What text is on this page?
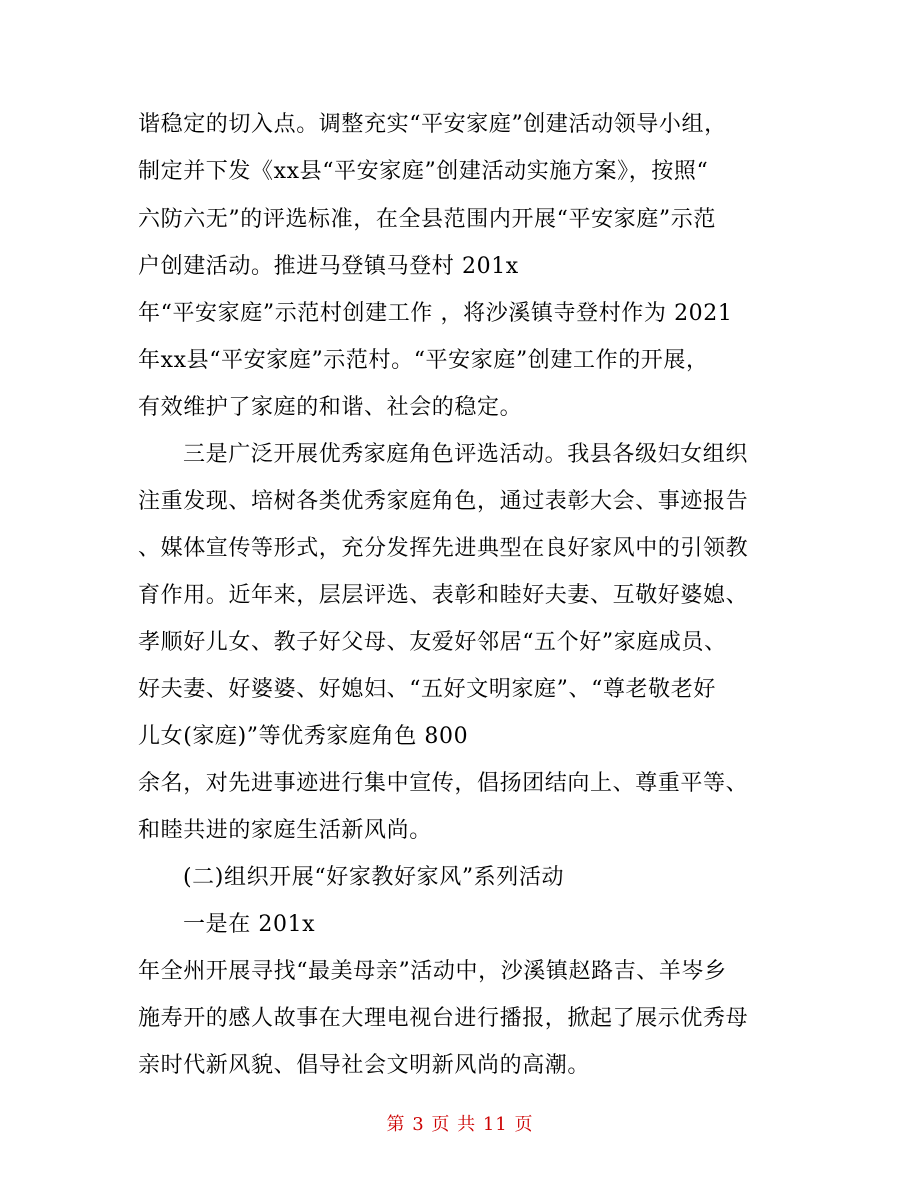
谐稳定的切入点。调整充实“平安家庭”创建活动领导小组，
制定并下发《xx县“平安家庭”创建活动实施方案》，按照“
六防六无”的评选标准，在全县范围内开展“平安家庭”示范
户创建活动。推进马登镇马登村 201x
年“平安家庭”示范村创建工作 ，将沙溪镇寺登村作为 2021
年xx县“平安家庭”示范村。“平安家庭”创建工作的开展，
有效维护了家庭的和谐、社会的稳定。
三是广泛开展优秀家庭角色评选活动。我县各级妇女组织
注重发现、培树各类优秀家庭角色，通过表彰大会、事迹报告
、媒体宣传等形式，充分发挥先进典型在良好家风中的引领教
育作用。近年来，层层评选、表彰和睦好夫妻、互敬好婆媳、
孝顺好儿女、教子好父母、友爱好邻居“五个好”家庭成员、
好夫妻、好婆婆、好媳妇、“五好文明家庭”、“尊老敬老好
儿女(家庭)”等优秀家庭角色 800
余名，对先进事迹进行集中宣传，倡扬团结向上、尊重平等、
和睦共进的家庭生活新风尚。
(二)组织开展“好家教好家风”系列活动
一是在 201x
年全州开展寻找“最美母亲”活动中，沙溪镇赵路吉、羊岑乡
施寿开的感人故事在大理电视台进行播报，掀起了展示优秀母
亲时代新风貌、倡导社会文明新风尚的高潮。
第 3 页 共 11 页
